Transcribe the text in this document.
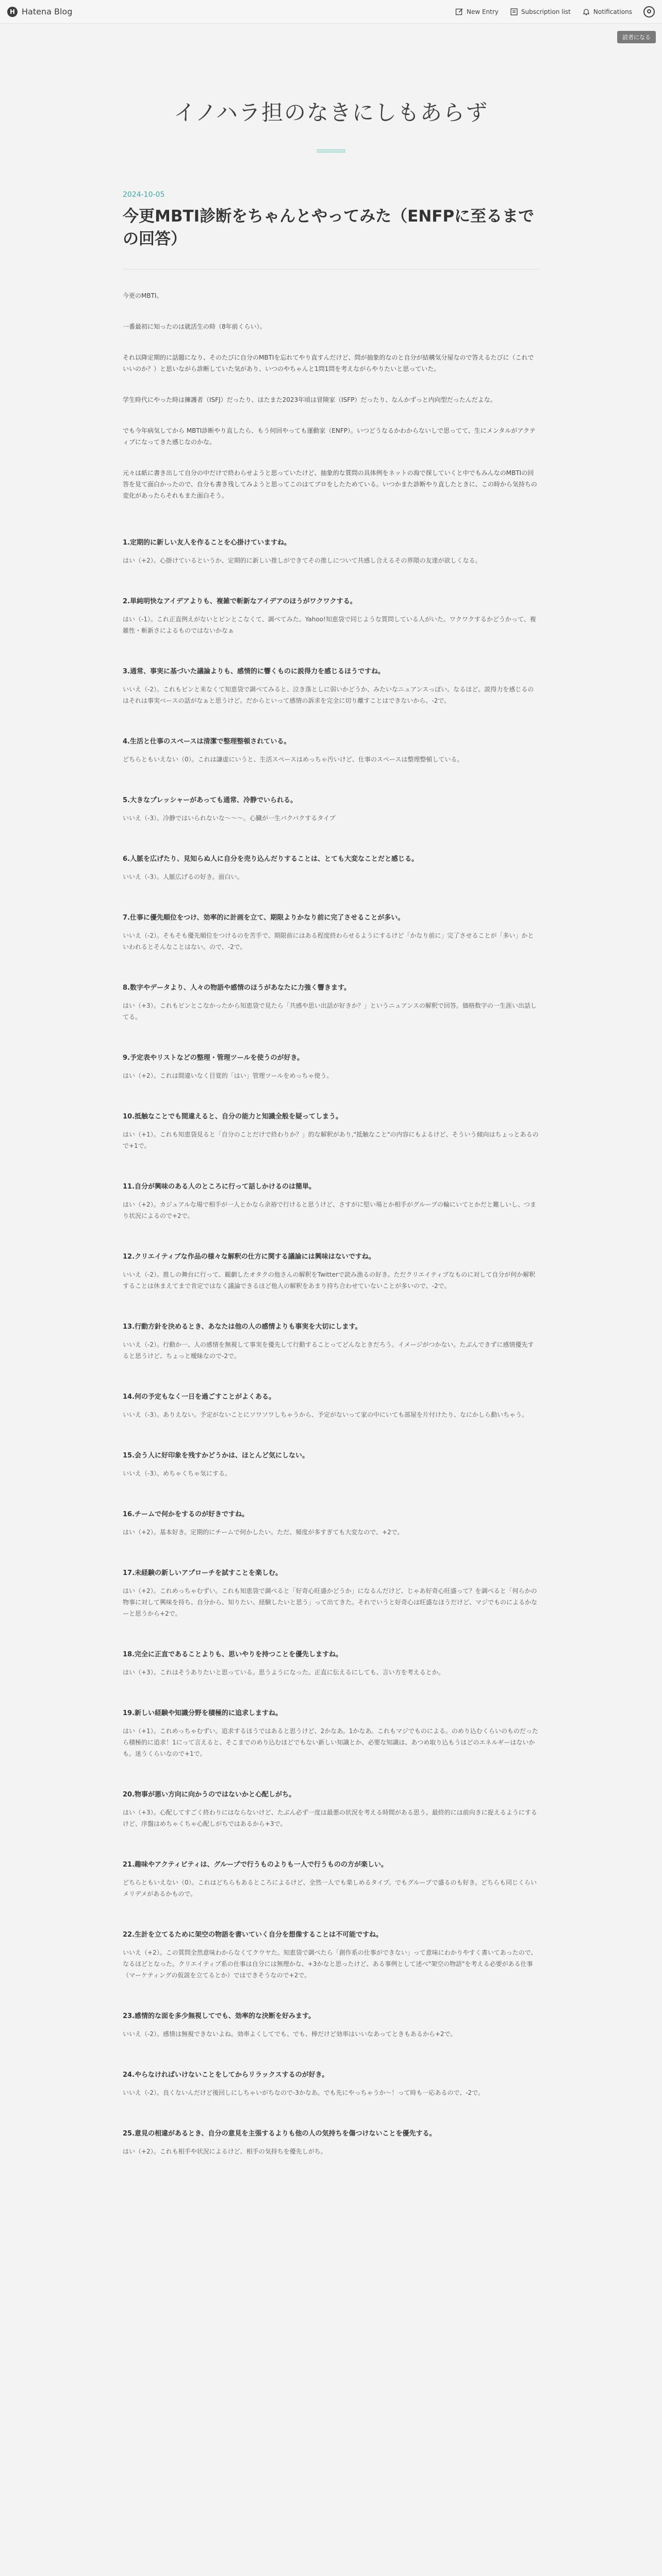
H Hatena Blog	New Entry	Subscription list	Notifications
読者になる
イノハラ担のなきにしもあらず
2024-10-05
今更MBTI診断をちゃんとやってみた（ENFPに至るまでの回答）
今更のMBTI。
一番最初に知ったのは就活生の時（8年前くらい）。
それ以降定期的に話題になり、そのたびに自分のMBTIを忘れてやり直すんだけど、問が抽象的なのと自分が結構気分屋なので答えるたびに（これでいいのか？）と思いながら診断していた気があり、いつのやちゃんと1問1問を考えながらやりたいと思っていた。
学生時代にやった時は擁護者（ISFJ）だったり、ほたまた2023年頃は冒険家（ISFP）だったり、なんかずっと内向型だったんだよな。
でも今年病気してから MBTI診断やり直したら、もう何回やっても運動家（ENFP）。いつどうなるかわからないしで思ってて、生にメンタルがアクティブになってきた感じなのかな。
元々は紙に書き出して自分の中だけで終わらせようと思っていたけど、抽象的な質問の具体例をネットの海で探していくと中でもみんなのMBTIの回答を見て面白かったので、自分も書き残してみようと思ってこのはてブロをしたためている。いつかまた診断やり直したときに、この時から気持ちの変化があったらそれもまた面白そう。
1.定期的に新しい友人を作ることを心掛けていますね。
はい（+2）。心掛けているというか、定期的に新しい推しができてその推しについて共感し合えるその界隈の友達が欲しくなる。
2.単純明快なアイデアよりも、複雑で斬新なアイデアのほうがワクワクする。
はい（-1）。これ正直例えがないとピンとこなくて、調べてみた。Yahoo!知恵袋で同じような質問している人がいた。ワクワクするかどうかって、複雑性・斬新さによるものではないかなぁ
3.通常、事実に基づいた議論よりも、感情的に響くものに説得力を感じるほうですね。
いいえ（-2）。これもピンと来なくて知恵袋で調べてみると、泣き落としに弱いかどうか、みたいなニュアンスっぽい。なるほど。説得力を感じるのはそれは事実ベースの話がなぁと思うけど。だからといって感情の訴求を完全に切り離すことはできないから、-2で。
4.生活と仕事のスペースは清潔で整理整頓されている。
どちらともいえない（0）。これは謙虚にいうと、生活スペースはめっちゃ汚いけど、仕事のスペースは整理整頓している。
5.大きなプレッシャーがあっても通常、冷静でいられる。
いいえ（-3）。冷静ではいられないな〜〜〜。心臓が一生バクバクするタイプ
6.人脈を広げたり、見知らぬ人に自分を売り込んだりすることは、とても大変なことだと感じる。
いいえ（-3）。人脈広げるの好き。面白い。
7.仕事に優先順位をつけ、効率的に計画を立て、期限よりかなり前に完了させることが多い。
いいえ（-2）。そもそも優先順位をつけるのを苦手で、期限前にはある程度終わらせるようにするけど「かなり前に」完了させることが「多い」かといわれるとそんなことはない。ので、-2で。
8.数字やデータより、人々の物語や感情のほうがあなたに力強く響きます。
はい（+3）。これもピンとこなかったから知恵袋で見たら「共感や思い出話が好きか？」というニュアンスの解釈で回答。価格数字の一生涯い出話してる。
9.予定表やリストなどの整理・管理ツールを使うのが好き。
はい（+2）。これは間違いなく目覚的「はい」管理ツールをめっちゃ使う。
10.抵触なことでも間違えると、自分の能力と知識全般を疑ってしまう。
はい（+1）。これも知恵袋見ると「自分のことだけで終わりか？」的な解釈があり,"抵触なこと"の内容にもよるけど、そういう傾向はちょっとあるので+1で。
11.自分が興味のある人のところに行って話しかけるのは簡単。
はい（+2）。カジュアルな場で相手が一人とかなら余裕で行けると思うけど、さすがに堅い場とか相手がグループの輪にいてとかだと難しいし、つまり状況によるので+2で。
12.クリエイティブな作品の様々な解釈の仕方に関する議論には興味はないですね。
いいえ（-2）。推しの舞台に行って、観劇したオタクの他さんの解釈をTwitterで読み漁るの好き。ただクリエイティブなものに対して自分が何か解釈することは休まえてまで肯定ではなく議論できるほど他人の解釈をあまり持ち合わせていないことが多いので、-2で。
13.行動方針を決めるとき、あなたは他の人の感情よりも事実を大切にします。
いいえ（-2）。行動か一、人の感情を無視して事実を優先して行動することってどんなときだろう。イメージがつかない。たぶんできずに感情優先すると思うけど、ちょっと曖昧なので-2で。
14.何の予定もなく一日を過ごすことがよくある。
いいえ（-3）。ありえない。予定がないことにソワソワしちゃうから、予定がないって家の中にいても部屋を片付けたり、なにかしら動いちゃう。
15.会う人に好印象を残すかどうかは、ほとんど気にしない。
いいえ（-3）。めちゃくちゃ気にする。
16.チームで何かをするのが好きですね。
はい（+2）。基本好き。定期的にチームで何かしたい。ただ、頻度が多すぎても大変なので、+2で。
17.未経験の新しいアプローチを試すことを楽しむ。
はい（+2）。これめっちゃむずい。これも知恵袋で調べると「好奇心旺盛かどうか」になるんだけど、じゃあ好奇心旺盛って？を調べると「何らかの物事に対して興味を持ち、自分から、知りたい、経験したいと思う」って出てきた。それでいうと好奇心は旺盛なほうだけど、マジでものによるかなーと思うから+2で。
18.完全に正直であることよりも、思いやりを持つことを優先しますね。
はい（+3）。これはそうありたいと思っている。思うようになった。正直に伝えるにしても、言い方を考えるとか。
19.新しい経験や知識分野を積極的に追求しますね。
はい（+1）。これめっちゃむずい。追求するほうではあると思うけど、2かなあ。1かなあ。これもマジでものによる。のめり込むくらいのものだったら積極的に追求！1にって言えると、そこまでのめり込むほどでもない新しい知識とか、必要な知識は、あつめ取り込もうはどのエネルギーはないかも。迷うくらいなので+1で。
20.物事が悪い方向に向かうのではないかと心配しがち。
はい（+3）。心配してすごく終わりにはならないけど、たぶん必ず一度は最悪の状況を考える時間がある思う。最終的には前向きに捉えるようにするけど、序盤はめちゃくちゃ心配しがちではあるから+3で。
21.趣味やアクティビティは、グループで行うものよりも一人で行うものの方が楽しい。
どちらともいえない（0）。これはどちらもあるところによるけど、全然一人でも楽しめるタイプ。でもグループで盛るのも好き。どちらも同じくらいメリデメがあるかもので。
22.生計を立てるために架空の物語を書いていく自分を想像することは不可能ですね。
いいえ（+2）。この質問全然意味わからなくてクウヤた。知恵袋で調べたら「創作系の仕事ができない」って意味にわかりやすく書いてあったので、なるほどとなった。クリエイティブ系の仕事は自分には無理かな、+3かなと思ったけど、ある事例として述べ"架空の物語"を考える必要がある仕事（マーケティングの仮説を立てるとか）ではできそうなので+2で。
23.感情的な面を多少無視してでも、効率的な決断を好みます。
いいえ（-2）。感情は無視できないよね。効率よくしてでも、でも、棒だけど効率はいいなあってときもあるから+2で。
24.やらなければいけないことをしてからリラックスするのが好き。
いいえ（-2）。良くないんだけど後回しにしちゃいがちなので-3かなあ。でも先にやっちゃうか〜！って時も一応あるので、-2で。
25.意見の相違があるとき、自分の意見を主張するよりも他の人の気持ちを傷つけないことを優先する。
はい（+2）。これも相手や状況によるけど、相手の気持ちを優先しがち。
